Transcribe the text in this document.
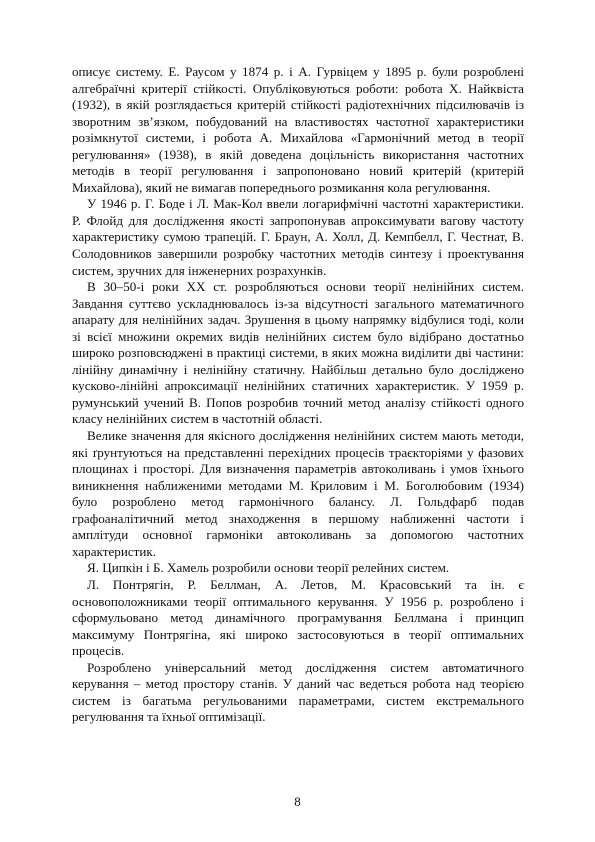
описує систему. Е. Раусом у 1874 р. і А. Гурвіцем у 1895 р. були розроблені алгебраїчні критерії стійкості. Опубліковуються роботи: робота Х. Найквіста (1932), в якій розглядається критерій стійкості радіотехнічних підсилювачів із зворотним зв’язком, побудований на властивостях частотної характеристики розімкнутої системи, і робота А. Михайлова «Гармонічний метод в теорії регулювання» (1938), в якій доведена доцільність використання частотних методів в теорії регулювання і запропоновано новий критерій (критерій Михайлова), який не вимагав попереднього розмикання кола регулювання.

У 1946 р. Г. Боде і Л. Мак-Кол ввели логарифмічні частотні характеристики. Р. Флойд для дослідження якості запропонував апроксимувати вагову частоту характеристику сумою трапецій. Г. Браун, А. Холл, Д. Кемпбелл, Г. Честнат, В. Солодовников завершили розробку частотних методів синтезу і проектування систем, зручних для інженерних розрахунків.

В 30–50-і роки ХХ ст. розробляються основи теорії нелінійних систем. Завдання суттєво ускладнювалось із-за відсутності загального математичного апарату для нелінійних задач. Зрушення в цьому напрямку відбулися тоді, коли зі всієї множини окремих видів нелінійних систем було відібрано достатньо широко розповсюджені в практиці системи, в яких можна виділити дві частини: лінійну динамічну і нелінійну статичну. Найбільш детально було досліджено кусково-лінійні апроксимації нелінійних статичних характеристик. У 1959 р. румунський учений В. Попов розробив точний метод аналізу стійкості одного класу нелінійних систем в частотній області.

Велике значення для якісного дослідження нелінійних систем мають методи, які ґрунтуються на представленні перехідних процесів траєкторіями у фазових площинах і просторі. Для визначення параметрів автоколивань і умов їхнього виникнення наближеними методами М. Криловим і М. Боголюбовим (1934) було розроблено метод гармонічного балансу. Л. Гольдфарб подав графоаналітичний метод знаходження в першому наближенні частоти і амплітуди основної гармоніки автоколивань за допомогою частотних характеристик.

Я. Ципкін і Б. Хамель розробили основи теорії релейних систем.

Л. Понтрягін, Р. Беллман, А. Летов, М. Красовський та ін. є основоположниками теорії оптимального керування. У 1956 р. розроблено і сформульовано метод динамічного програмування Беллмана і принцип максимуму Понтрягіна, які широко застосовуються в теорії оптимальних процесів.

Розроблено універсальний метод дослідження систем автоматичного керування – метод простору станів. У даний час ведеться робота над теорією систем із багатьма регульованими параметрами, систем екстремального регулювання та їхньої оптимізації.

8
